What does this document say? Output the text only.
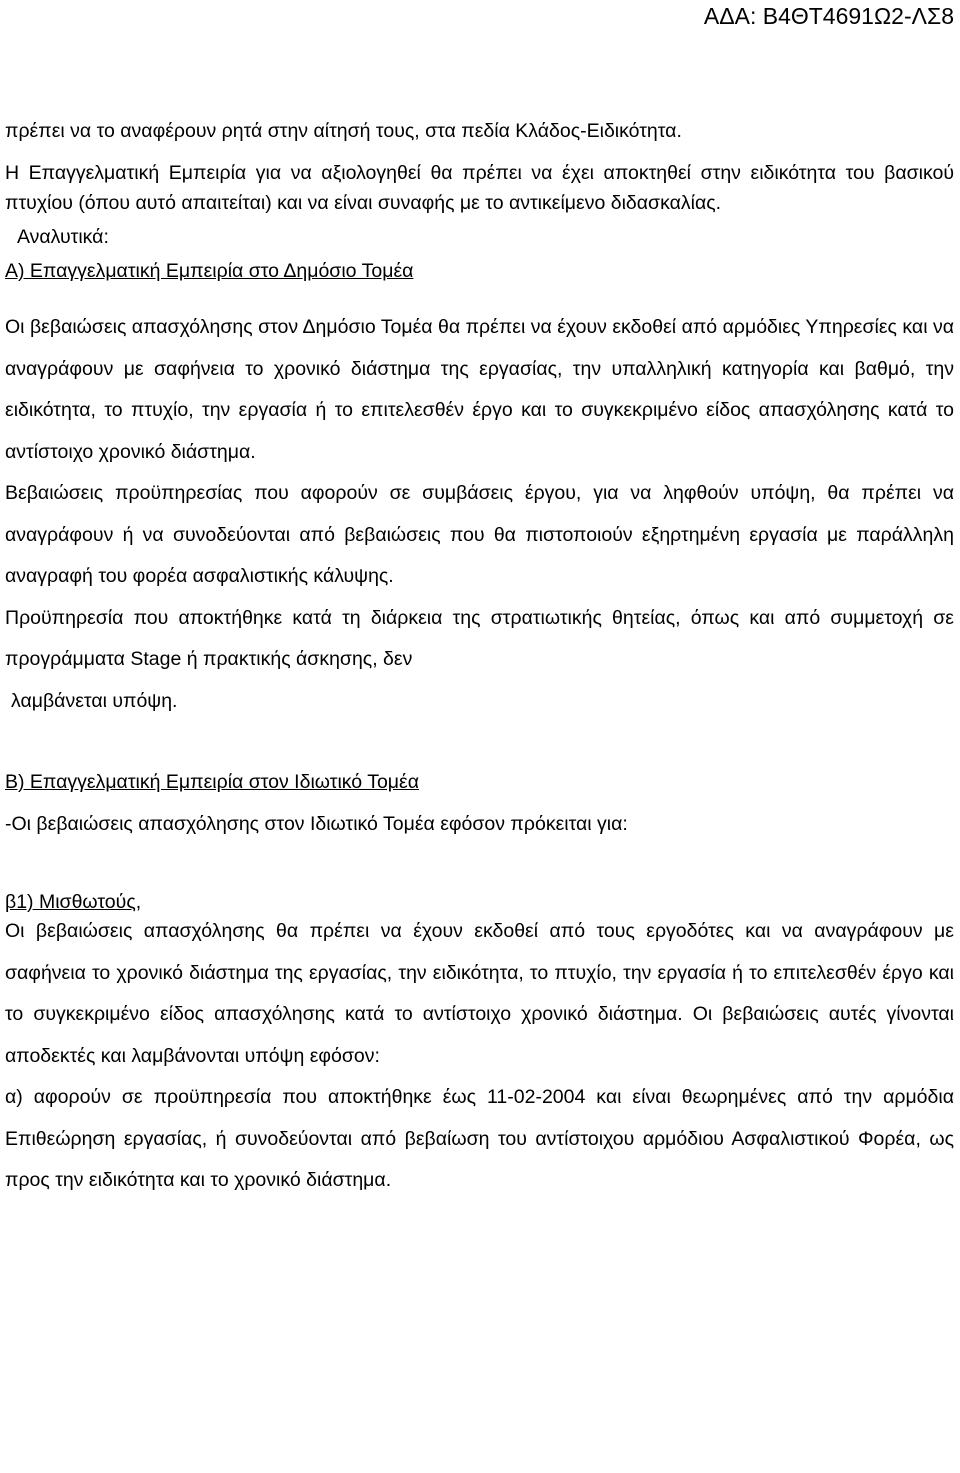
ΑΔΑ: Β4ΘΤ4691Ω2-ΛΣ8

πρέπει να το αναφέρουν ρητά στην αίτησή τους, στα πεδία Κλάδος-Ειδικότητα.

Η Επαγγελματική Εμπειρία για να αξιολογηθεί θα πρέπει να έχει αποκτηθεί στην ειδικότητα του βασικού πτυχίου (όπου αυτό απαιτείται) και να είναι συναφής με το αντικείμενο διδασκαλίας.

Αναλυτικά:

Α) Επαγγελματική Εμπειρία στο Δημόσιο Τομέα

Οι βεβαιώσεις απασχόλησης στον Δημόσιο Τομέα θα πρέπει να έχουν εκδοθεί από αρμόδιες Υπηρεσίες και να αναγράφουν με σαφήνεια το χρονικό διάστημα της εργασίας, την υπαλληλική κατηγορία και βαθμό, την ειδικότητα, το πτυχίο, την εργασία ή το επιτελεσθέν έργο και το συγκεκριμένο είδος απασχόλησης κατά το αντίστοιχο χρονικό διάστημα.

Βεβαιώσεις προϋπηρεσίας που αφορούν σε συμβάσεις έργου, για να ληφθούν υπόψη, θα πρέπει να αναγράφουν ή να συνοδεύονται από βεβαιώσεις που θα πιστοποιούν εξηρτημένη εργασία με παράλληλη αναγραφή του φορέα ασφαλιστικής κάλυψης.

Προϋπηρεσία που αποκτήθηκε κατά τη διάρκεια της στρατιωτικής θητείας, όπως και από συμμετοχή σε προγράμματα Stage ή πρακτικής άσκησης, δεν

λαμβάνεται υπόψη.

Β) Επαγγελματική Εμπειρία στον Ιδιωτικό Τομέα

-Οι βεβαιώσεις απασχόλησης στον Ιδιωτικό Τομέα εφόσον πρόκειται για:

β1) Μισθωτούς,

Οι βεβαιώσεις απασχόλησης θα πρέπει να έχουν εκδοθεί από τους εργοδότες και να αναγράφουν με σαφήνεια το χρονικό διάστημα της εργασίας, την ειδικότητα, το πτυχίο, την εργασία ή το επιτελεσθέν έργο και το συγκεκριμένο είδος απασχόλησης κατά το αντίστοιχο χρονικό διάστημα. Οι βεβαιώσεις αυτές γίνονται αποδεκτές και λαμβάνονται υπόψη εφόσον:

α) αφορούν σε προϋπηρεσία που αποκτήθηκε έως 11-02-2004 και είναι θεωρημένες από την αρμόδια Επιθεώρηση εργασίας, ή συνοδεύονται από βεβαίωση του αντίστοιχου αρμόδιου Ασφαλιστικού Φορέα, ως προς την ειδικότητα και το χρονικό διάστημα.
